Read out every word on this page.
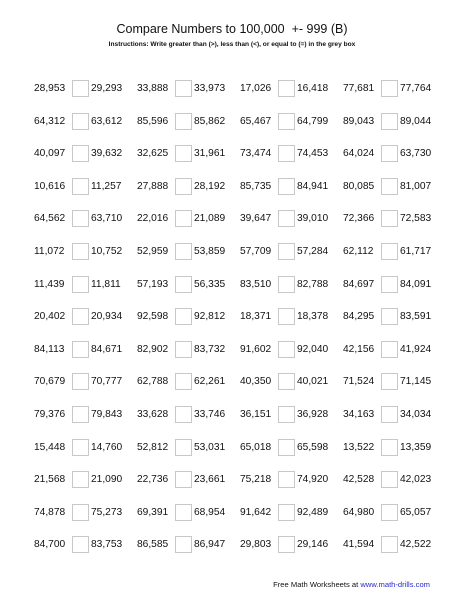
Compare Numbers to 100,000  +- 999 (B)
Instructions: Write greater than (>), less than (<), or equal to (=) in the grey box
28,953	29,293	33,888	33,973	17,026	16,418	77,681	77,764
64,312	63,612	85,596	85,862	65,467	64,799	89,043	89,044
40,097	39,632	32,625	31,961	73,474	74,453	64,024	63,730
10,616	11,257	27,888	28,192	85,735	84,941	80,085	81,007
64,562	63,710	22,016	21,089	39,647	39,010	72,366	72,583
11,072	10,752	52,959	53,859	57,709	57,284	62,112	61,717
11,439	11,811	57,193	56,335	83,510	82,788	84,697	84,091
20,402	20,934	92,598	92,812	18,371	18,378	84,295	83,591
84,113	84,671	82,902	83,732	91,602	92,040	42,156	41,924
70,679	70,777	62,788	62,261	40,350	40,021	71,524	71,145
79,376	79,843	33,628	33,746	36,151	36,928	34,163	34,034
15,448	14,760	52,812	53,031	65,018	65,598	13,522	13,359
21,568	21,090	22,736	23,661	75,218	74,920	42,528	42,023
74,878	75,273	69,391	68,954	91,642	92,489	64,980	65,057
84,700	83,753	86,585	86,947	29,803	29,146	41,594	42,522
Free Math Worksheets at www.math-drills.com
